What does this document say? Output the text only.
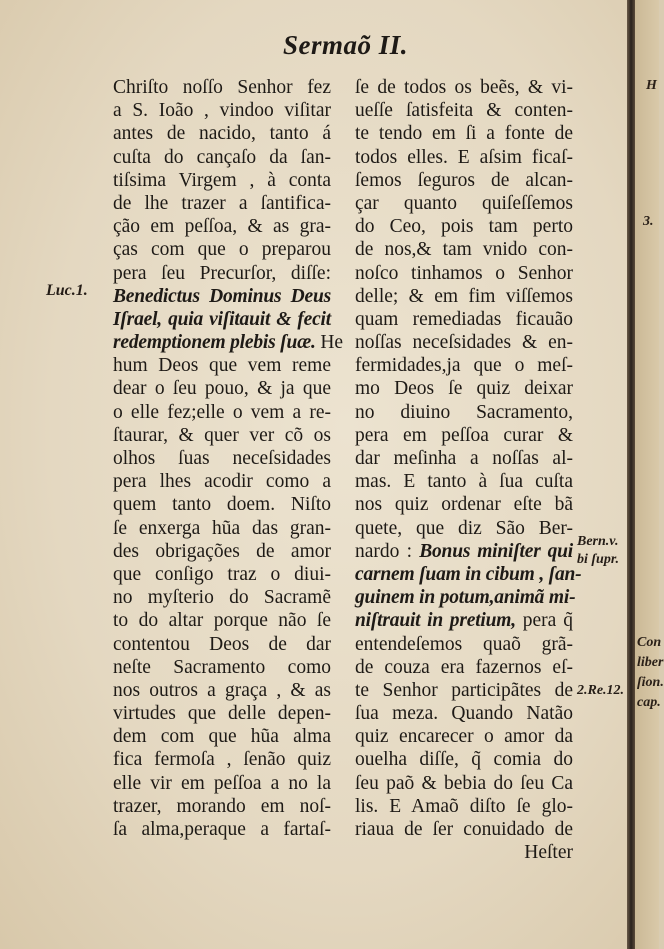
Sermaõ II.
Chriſto noſſo Senhor fez
a S. Ioão , vindoo viſitar
antes de nacido, tanto á
cuſta do cançaſo da ſan-
tiſsima Virgem , à conta
de lhe trazer a ſantifica-
ção em peſſoa, & as gra-
ças com que o preparou
pera ſeu Precurſor, diſſe:
Benedictus Dominus Deus
Iſrael, quia viſitauit & fecit
redemptionem plebis ſuæ. He
hum Deos que vem reme
dear o ſeu pouo, & ja que
o elle fez;elle o vem a re-
ſtaurar, & quer ver cõ os
olhos ſuas neceſsidades
pera lhes acodir como a
quem tanto doem. Niſto
ſe enxerga hũa das gran-
des obrigações de amor
que conſigo traz o diui-
no myſterio do Sacramẽ
to do altar porque não ſe
contentou Deos de dar
neſte Sacramento como
nos outros a graça , & as
virtudes que delle depen-
dem com que hũa alma
fica fermoſa , ſenão quiz
elle vir em peſſoa a no la
trazer, morando em noſ-
ſa alma,peraque a fartaſ-
ſe de todos os beẽs, & vi-
ueſſe ſatisfeita & conten-
te tendo em ſi a fonte de
todos elles. E aſsim ficaſ-
ſemos ſeguros de alcan-
çar quanto quiſeſſemos
do Ceo, pois tam perto
de nos,& tam vnido con-
noſco tinhamos o Senhor
delle; & em fim viſſemos
quam remediadas ficauão
noſſas neceſsidades & en-
fermidades,ja que o meſ-
mo Deos ſe quiz deixar
no diuino Sacramento,
pera em peſſoa curar &
dar meſinha a noſſas al-
mas. E tanto à ſua cuſta
nos quiz ordenar eſte bã
quete, que diz São Ber-
nardo : Bonus miniſter qui
carnem ſuam in cibum , ſan-
guinem in potum,animã mi-
niſtrauit in pretium, pera q̃
entendeſemos quaõ grã-
de couza era fazernos eſ-
te Senhor participãtes de
ſua meza. Quando Natão
quiz encarecer o amor da
ouelha diſſe, q̃ comia do
ſeu paõ & bebia do ſeu Ca
lis. E Amaõ diſto ſe glo-
riaua de ſer conuidado de
Heſter
Luc.1.
Bern.v.
bi ſupr.
2.Re.12.
H
3.
Con
liber
ſion.
cap.
